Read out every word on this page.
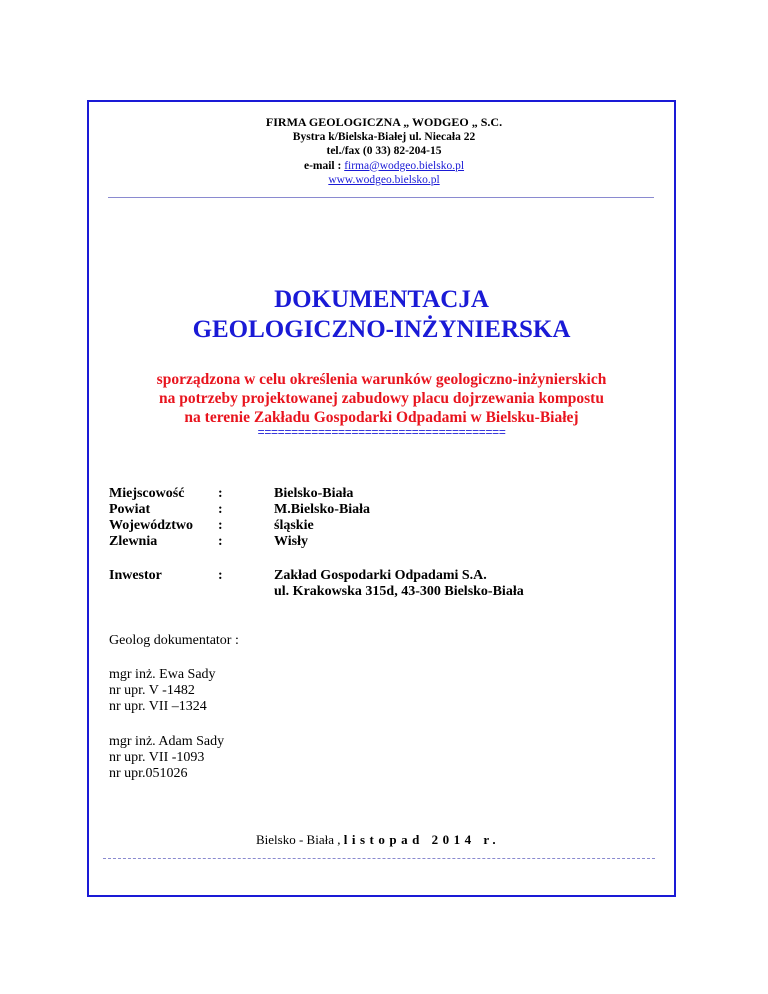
FIRMA GEOLOGICZNA „ WODGEO „ S.C.
Bystra k/Bielska-Białej ul. Niecała 22
tel./fax (0 33) 82-204-15
e-mail : firma@wodgeo.bielsko.pl
www.wodgeo.bielsko.pl
DOKUMENTACJA
GEOLOGICZNO-INŻYNIERSKA
sporządzona w celu określenia warunków geologiczno-inżynierskich
na potrzeby projektowanej zabudowy placu dojrzewania kompostu
na terenie Zakładu Gospodarki Odpadami w Bielsku-Białej
=====================================
Miejscowość :	Bielsko-Biała
Powiat	:	M.Bielsko-Biała
Województwo :	śląskie
Zlewnia	:	Wisły
Inwestor	:	Zakład Gospodarki Odpadami S.A.
ul. Krakowska 315d, 43-300 Bielsko-Biała
Geolog dokumentator :
mgr inż. Ewa Sady
nr upr. V -1482
nr upr. VII –1324
mgr inż. Adam Sady
nr upr. VII -1093
nr upr.051026
Bielsko - Biała , listopad 2014 r.
